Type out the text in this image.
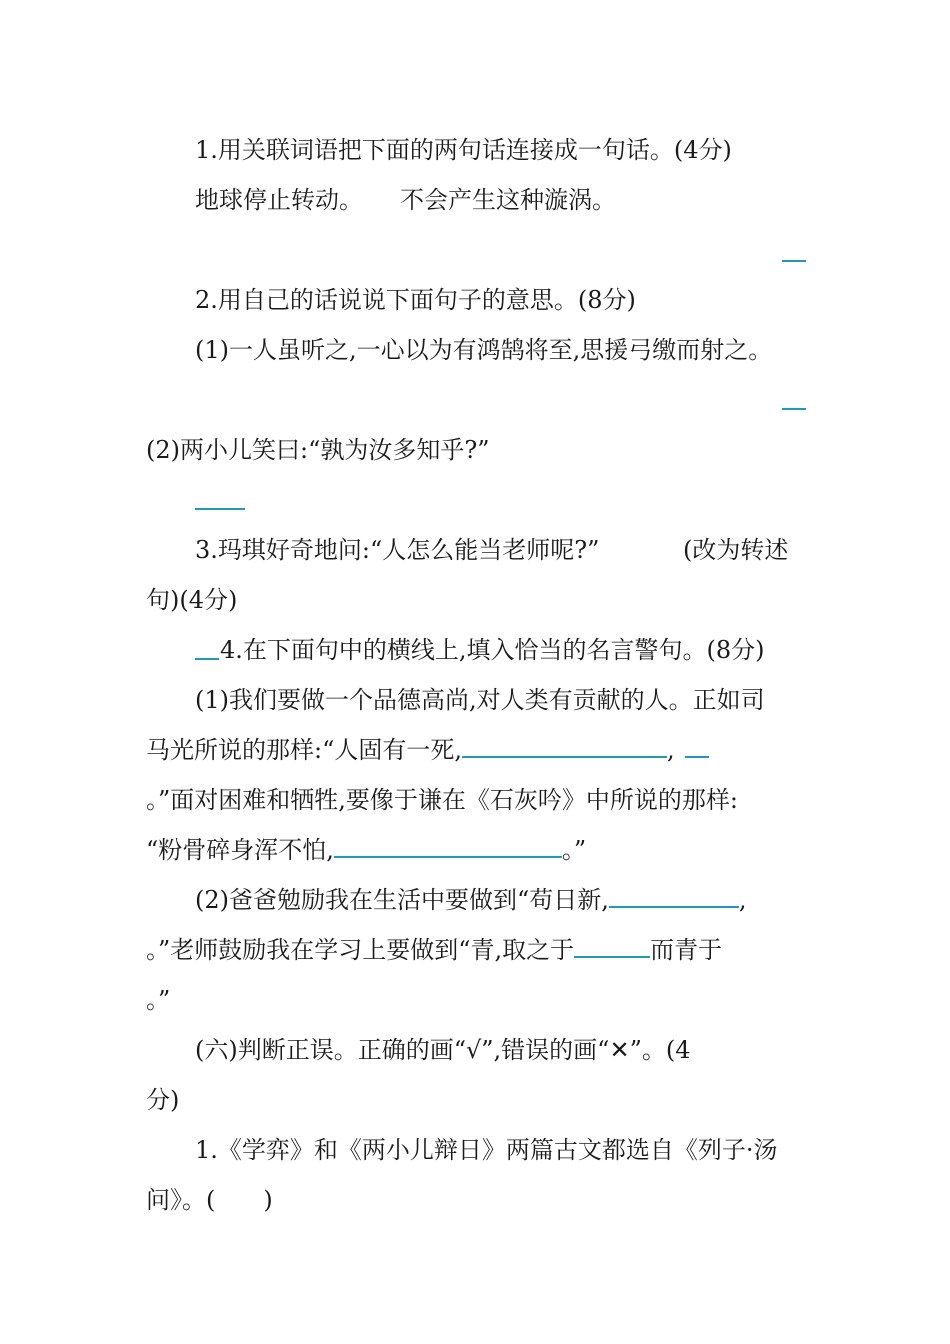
1.用关联词语把下面的两句话连接成一句话。(4分)
地球停止转动。 不会产生这种漩涡。
2.用自己的话说说下面句子的意思。(8分)
(1)一人虽听之,一心以为有鸿鹄将至,思援弓缴而射之。
(2)两小儿笑曰:“孰为汝多知乎?”
3.玛琪好奇地问:“人怎么能当老师呢?”	(改为转述
句)(4分)
4.在下面句中的横线上,填入恰当的名言警句。(8分)
(1)我们要做一个品德高尚,对人类有贡献的人。正如司
马光所说的那样:“人固有一死,	,
。”面对困难和牺牲,要像于谦在《石灰吟》中所说的那样:
“粉骨碎身浑不怕,	。”
(2)爸爸勉励我在生活中要做到“苟日新,	,
。”老师鼓励我在学习上要做到“青,取之于	而青于
。”
(六)判断正误。正确的画“√”,错误的画“✕”。(4
分)
1.《学弈》和《两小儿辩日》两篇古文都选自《列子·汤
问》。(　　)
